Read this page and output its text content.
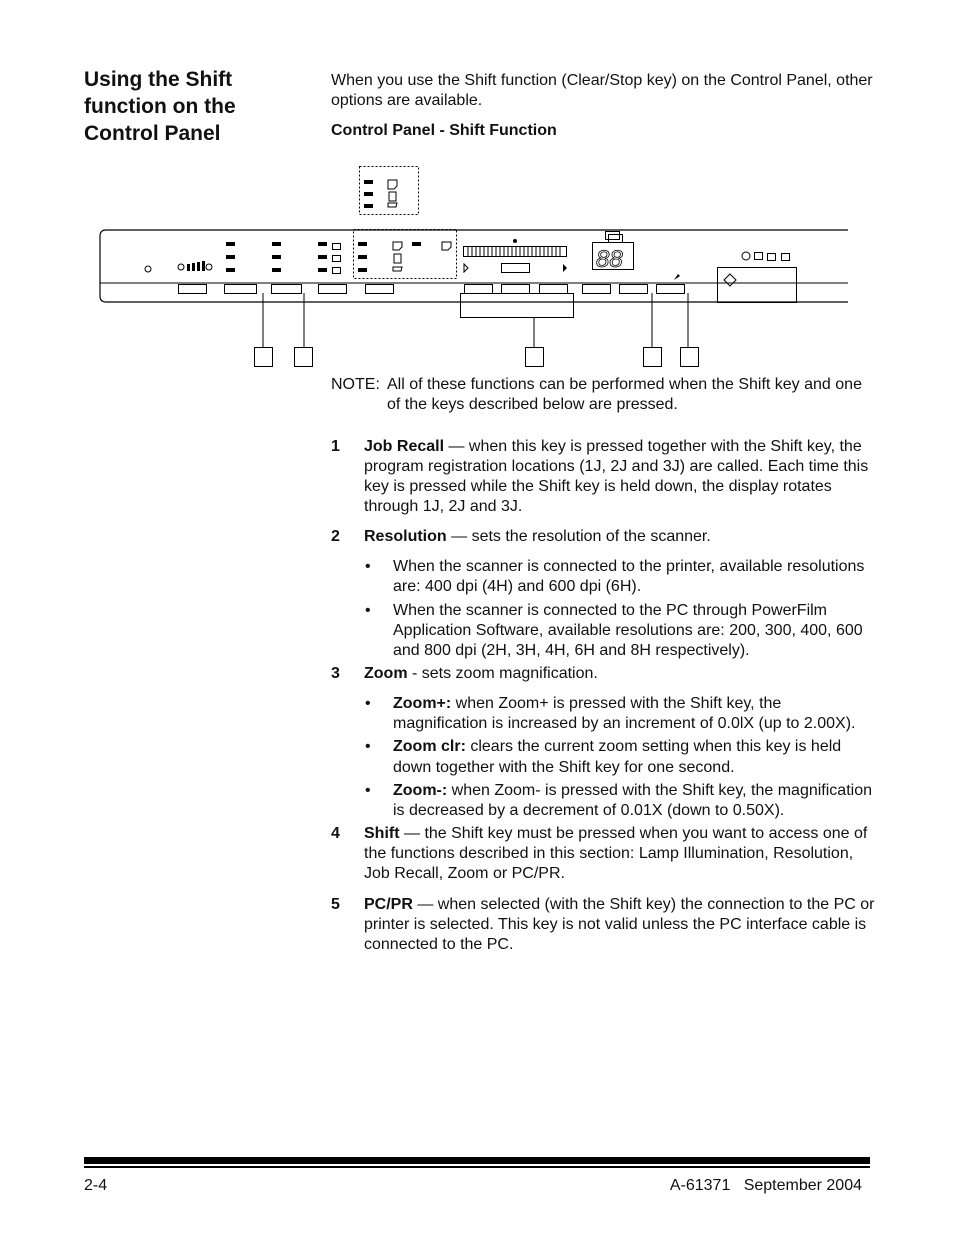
Using the Shift
function on the
Control Panel

When you use the Shift function (Clear/Stop key) on the Control Panel, other options are available.

Control Panel - Shift Function

88

NOTE: All of these functions can be performed when the Shift key and one of the keys described below are pressed.

1 Job Recall — when this key is pressed together with the Shift key, the program registration locations (1J, 2J and 3J) are called. Each time this key is pressed while the Shift key is held down, the display rotates through 1J, 2J and 3J.

2 Resolution — sets the resolution of the scanner.

• When the scanner is connected to the printer, available resolutions are: 400 dpi (4H) and 600 dpi (6H).
• When the scanner is connected to the PC through PowerFilm Application Software, available resolutions are: 200, 300, 400, 600 and 800 dpi (2H, 3H, 4H, 6H and 8H respectively).

3 Zoom - sets zoom magnification.

• Zoom+: when Zoom+ is pressed with the Shift key, the magnification is increased by an increment of 0.0lX (up to 2.00X).
• Zoom clr: clears the current zoom setting when this key is held down together with the Shift key for one second.
• Zoom-: when Zoom- is pressed with the Shift key, the magnification is decreased by a decrement of 0.01X (down to 0.50X).

4 Shift — the Shift key must be pressed when you want to access one of the functions described in this section: Lamp Illumination, Resolution, Job Recall, Zoom or PC/PR.

5 PC/PR — when selected (with the Shift key) the connection to the PC or printer is selected. This key is not valid unless the PC interface cable is connected to the PC.

2-4	A-61371   September 2004
